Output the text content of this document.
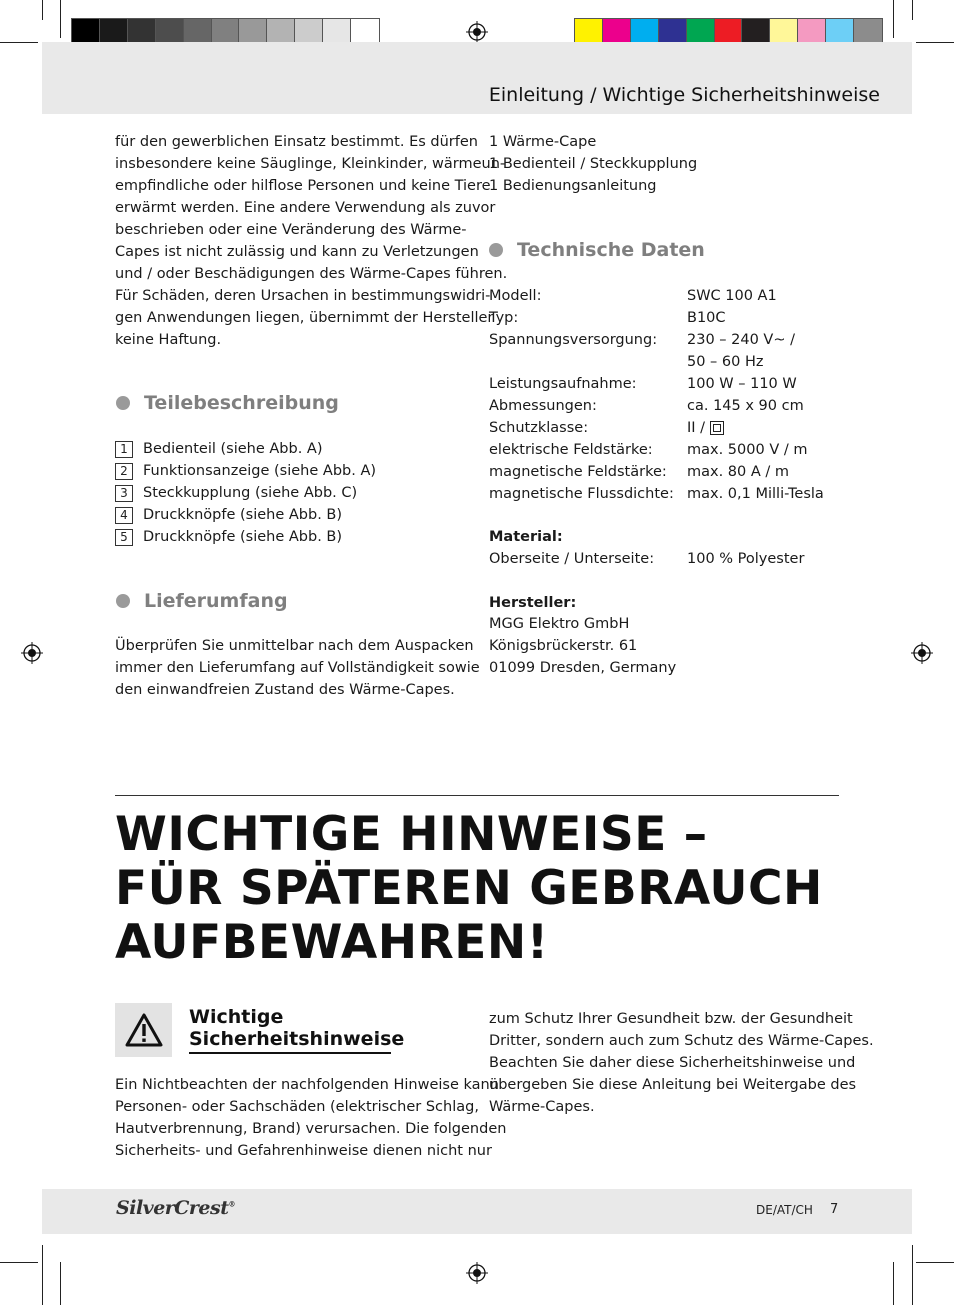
Einleitung / Wichtige Sicherheitshinweise
für den gewerblichen Einsatz bestimmt. Es dürfen
insbesondere keine Säuglinge, Kleinkinder, wärmeun-
empfindliche oder hilflose Personen und keine Tiere
erwärmt werden. Eine andere Verwendung als zuvor
beschrieben oder eine Veränderung des Wärme-
Capes ist nicht zulässig und kann zu Verletzungen
und / oder Beschädigungen des Wärme-Capes führen.
Für Schäden, deren Ursachen in bestimmungswidri-
gen Anwendungen liegen, übernimmt der Hersteller
keine Haftung.
Teilebeschreibung
1	Bedienteil (siehe Abb. A)
2	Funktionsanzeige (siehe Abb. A)
3	Steckkupplung (siehe Abb. C)
4	Druckknöpfe (siehe Abb. B)
5	Druckknöpfe (siehe Abb. B)
Lieferumfang
Überprüfen Sie unmittelbar nach dem Auspacken
immer den Lieferumfang auf Vollständigkeit sowie
den einwandfreien Zustand des Wärme-Capes.
1 Wärme-Cape
1 Bedienteil / Steckkupplung
1 Bedienungsanleitung
Technische Daten
Modell:	SWC 100 A1
Typ:	B10C
Spannungsversorgung:	230 – 240 V~ /
50 – 60 Hz
Leistungsaufnahme:	100 W – 110 W
Abmessungen:	ca. 145 x 90 cm
Schutzklasse:	II /
elektrische Feldstärke:	max. 5000 V / m
magnetische Feldstärke:	max. 80 A / m
magnetische Flussdichte: max. 0,1 Milli-Tesla
Material:
Oberseite / Unterseite:	100 % Polyester
Hersteller:
MGG Elektro GmbH
Königsbrückerstr. 61
01099 Dresden, Germany
WICHTIGE HINWEISE –
FÜR SPÄTEREN GEBRAUCH
AUFBEWAHREN!
Wichtige
Sicherheitshinweise
Ein Nichtbeachten der nachfolgenden Hinweise kann
Personen- oder Sachschäden (elektrischer Schlag,
Hautverbrennung, Brand) verursachen. Die folgenden
Sicherheits- und Gefahrenhinweise dienen nicht nur
zum Schutz Ihrer Gesundheit bzw. der Gesundheit
Dritter, sondern auch zum Schutz des Wärme-Capes.
Beachten Sie daher diese Sicherheitshinweise und
übergeben Sie diese Anleitung bei Weitergabe des
Wärme-Capes.
SilverCrest®	DE/AT/CH 7
